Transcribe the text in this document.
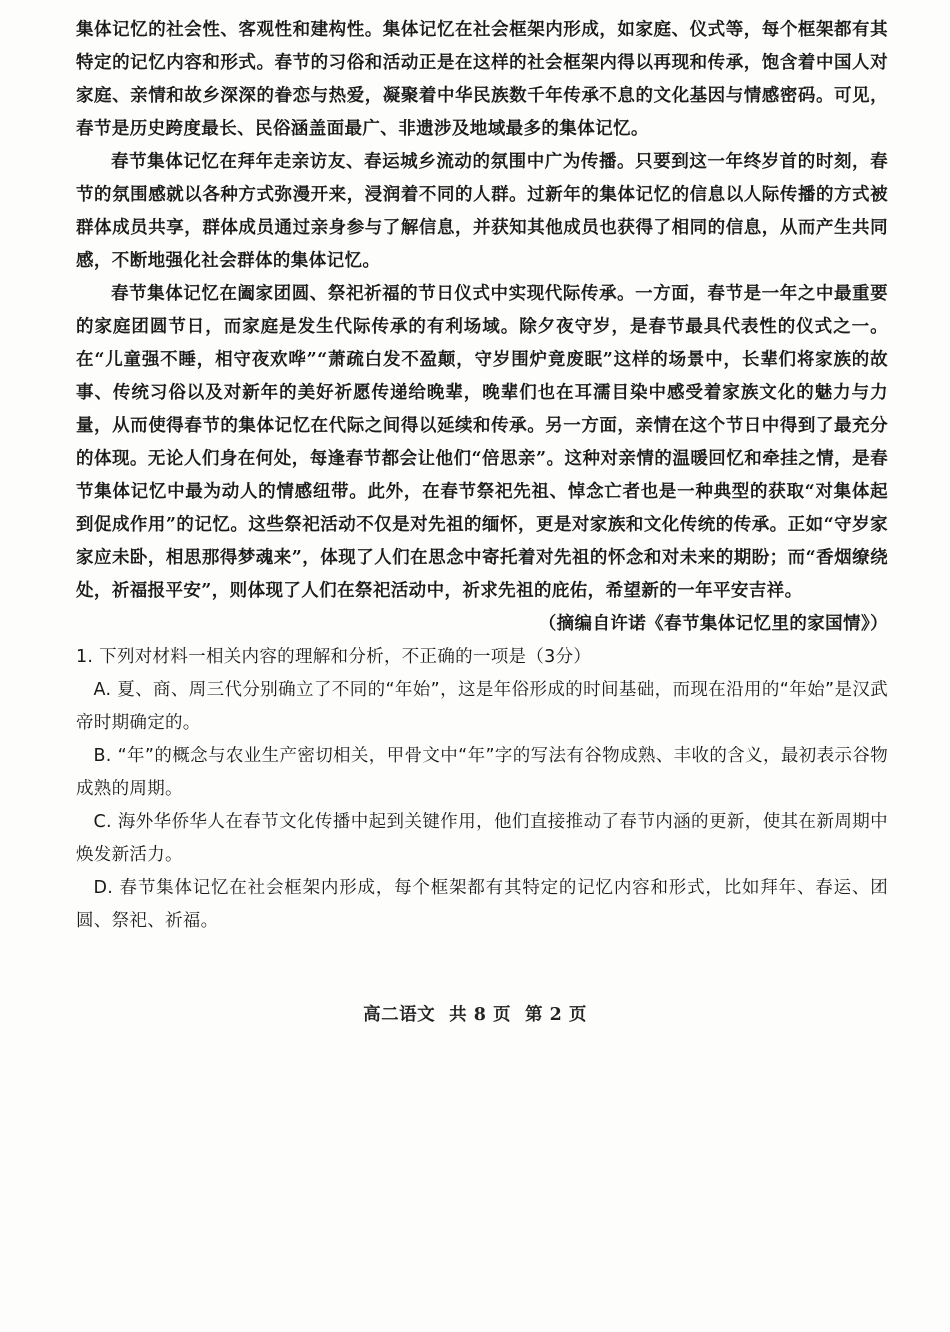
集体记忆的社会性、客观性和建构性。集体记忆在社会框架内形成，如家庭、仪式等，每个框架都有其特定的记忆内容和形式。春节的习俗和活动正是在这样的社会框架内得以再现和传承，饱含着中国人对家庭、亲情和故乡深深的眷恋与热爱，凝聚着中华民族数千年传承不息的文化基因与情感密码。可见，春节是历史跨度最长、民俗涵盖面最广、非遗涉及地域最多的集体记忆。

春节集体记忆在拜年走亲访友、春运城乡流动的氛围中广为传播。只要到这一年终岁首的时刻，春节的氛围感就以各种方式弥漫开来，浸润着不同的人群。过新年的集体记忆的信息以人际传播的方式被群体成员共享，群体成员通过亲身参与了解信息，并获知其他成员也获得了相同的信息，从而产生共同感，不断地强化社会群体的集体记忆。

春节集体记忆在阖家团圆、祭祀祈福的节日仪式中实现代际传承。一方面，春节是一年之中最重要的家庭团圆节日，而家庭是发生代际传承的有利场域。除夕夜守岁，是春节最具代表性的仪式之一。在“儿童强不睡，相守夜欢哗”“萧疏白发不盈颠，守岁围炉竟废眠”这样的场景中，长辈们将家族的故事、传统习俗以及对新年的美好祈愿传递给晚辈，晚辈们也在耳濡目染中感受着家族文化的魅力与力量，从而使得春节的集体记忆在代际之间得以延续和传承。另一方面，亲情在这个节日中得到了最充分的体现。无论人们身在何处，每逢春节都会让他们“倍思亲”。这种对亲情的温暖回忆和牵挂之情，是春节集体记忆中最为动人的情感纽带。此外，在春节祭祀先祖、悼念亡者也是一种典型的获取“对集体起到促成作用”的记忆。这些祭祀活动不仅是对先祖的缅怀，更是对家族和文化传统的传承。正如“守岁家家应未卧，相思那得梦魂来”，体现了人们在思念中寄托着对先祖的怀念和对未来的期盼；而“香烟缭绕处，祈福报平安”，则体现了人们在祭祀活动中，祈求先祖的庇佑，希望新的一年平安吉祥。

（摘编自许诺《春节集体记忆里的家国情》）

1. 下列对材料一相关内容的理解和分析，不正确的一项是（3分）

A. 夏、商、周三代分别确立了不同的“年始”，这是年俗形成的时间基础，而现在沿用的“年始”是汉武帝时期确定的。

B. “年”的概念与农业生产密切相关，甲骨文中“年”字的写法有谷物成熟、丰收的含义，最初表示谷物成熟的周期。

C. 海外华侨华人在春节文化传播中起到关键作用，他们直接推动了春节内涵的更新，使其在新周期中焕发新活力。

D. 春节集体记忆在社会框架内形成，每个框架都有其特定的记忆内容和形式，比如拜年、春运、团圆、祭祀、祈福。

高二语文 共 8 页 第 2 页
